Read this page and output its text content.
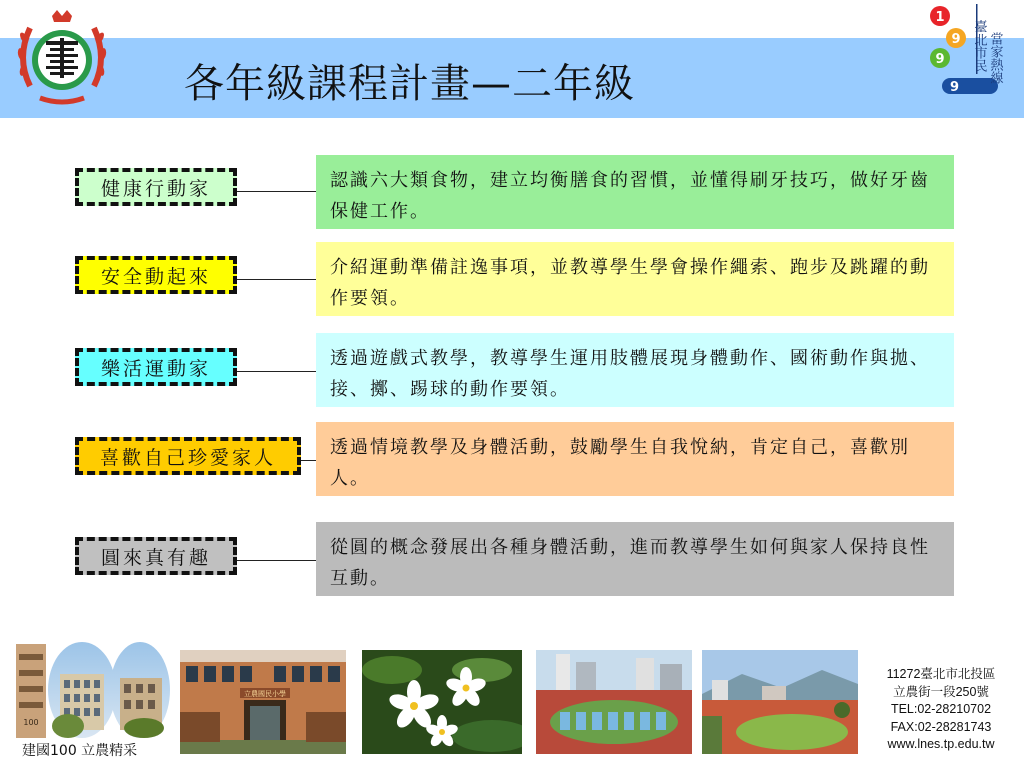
各年級課程計畫—二年級
1
9
9
9
臺北市民 當家熱線
健康行動家	認識六大類食物，建立均衡膳食的習慣，並懂得刷牙技巧，做好牙齒保健工作。
安全動起來	介紹運動準備註逸事項，並教導學生學會操作繩索、跑步及跳躍的動作要領。
樂活運動家	透過遊戲式教學，教導學生運用肢體展現身體動作、國術動作與拋、接、擲、踢球的動作要領。
喜歡自己珍愛家人	透過情境教學及身體活動，鼓勵學生自我悅納，肯定自己，喜歡別人。
圓來真有趣	從圓的概念發展出各種身體活動，進而教導學生如何與家人保持良性互動。
100
建國100 立農精采
立農國民小學
11272臺北市北投區
立農街一段250號
TEL:02-28210702
FAX:02-28281743
www.lnes.tp.edu.tw
